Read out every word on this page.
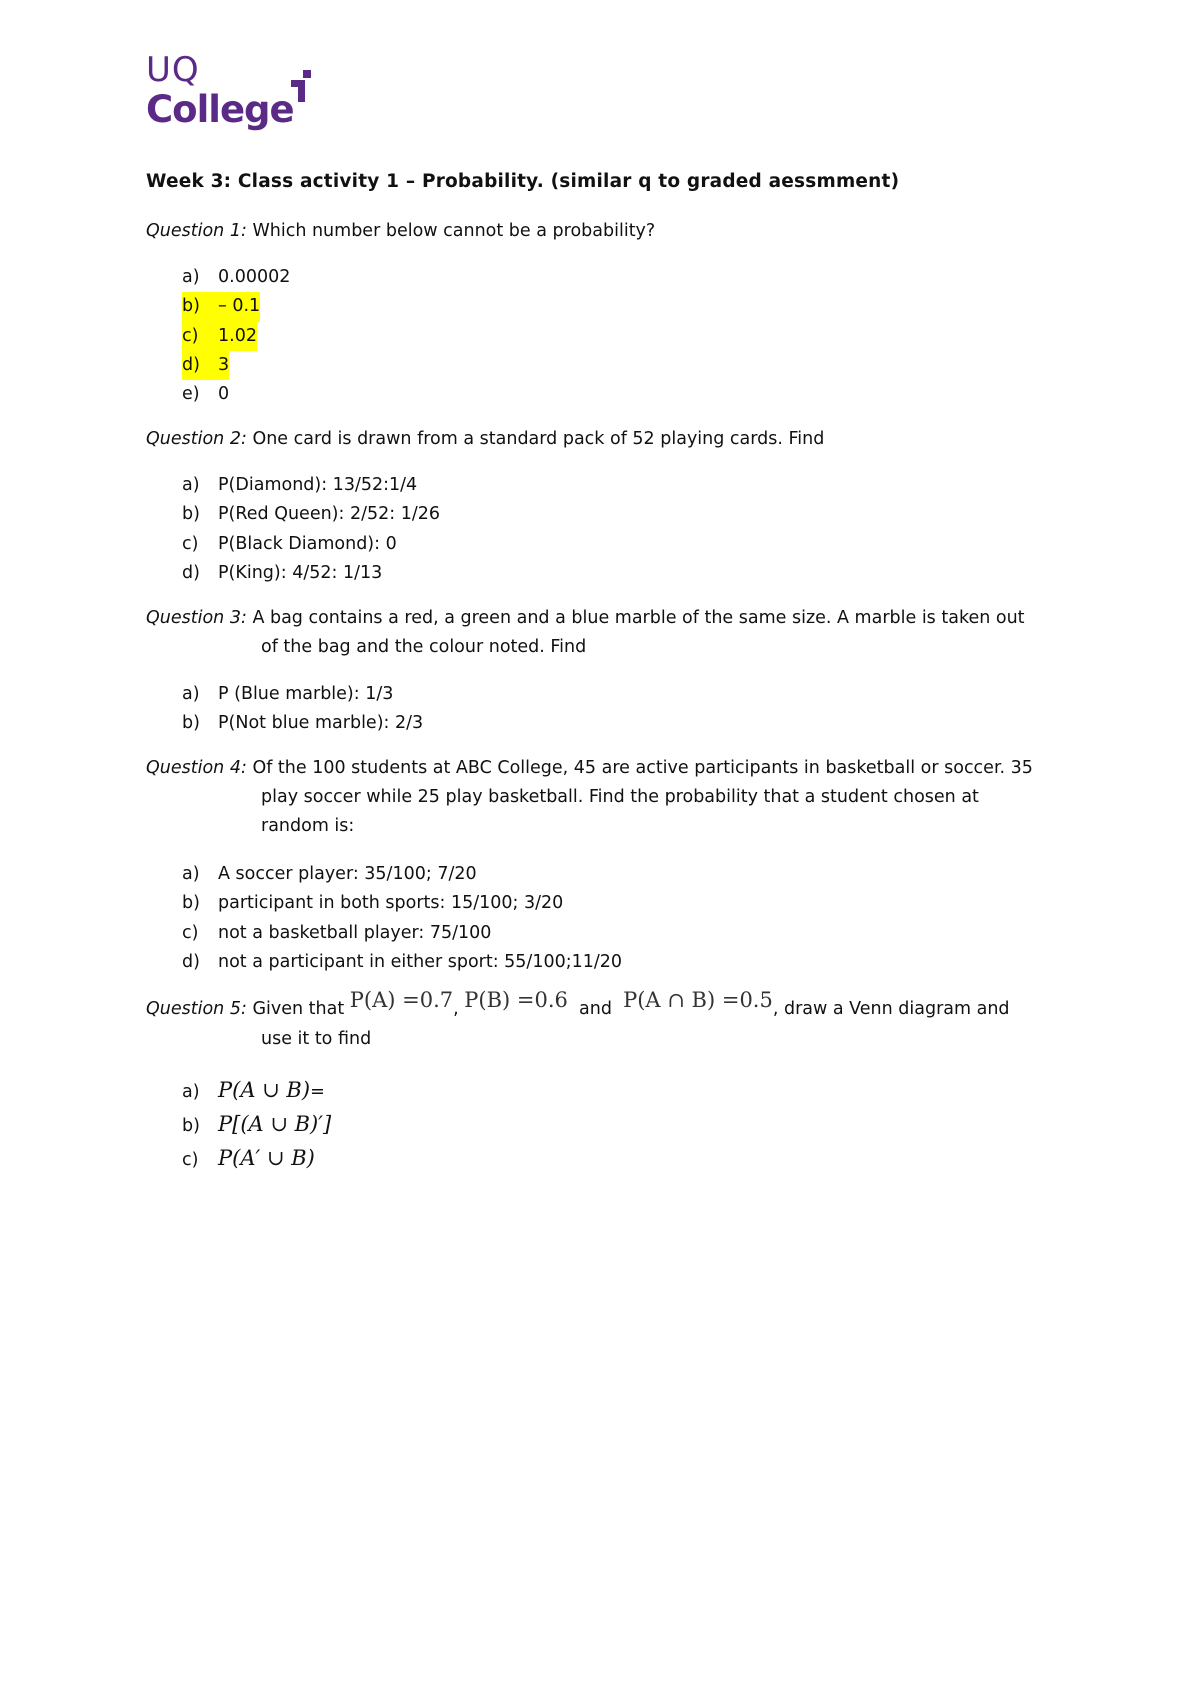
UQ
College
Week 3: Class activity 1 – Probability. (similar q to graded aessmment)
Question 1: Which number below cannot be a probability?
a) 0.00002
b) – 0.1
c) 1.02
d) 3
e) 0
Question 2: One card is drawn from a standard pack of 52 playing cards. Find
a) P(Diamond): 13/52:1/4
b) P(Red Queen): 2/52: 1/26
c) P(Black Diamond): 0
d) P(King): 4/52: 1/13
Question 3: A bag contains a red, a green and a blue marble of the same size. A marble is taken out
of the bag and the colour noted. Find
a) P (Blue marble): 1/3
b) P(Not blue marble): 2/3
Question 4: Of the 100 students at ABC College, 45 are active participants in basketball or soccer. 35
play soccer while 25 play basketball. Find the probability that a student chosen at
random is:
a) A soccer player: 35/100; 7/20
b) participant in both sports: 15/100; 3/20
c) not a basketball player: 75/100
d) not a participant in either sport: 55/100;11/20
Question 5: Given that P(A) =0.7, P(B) =0.6 and P(A ∩ B) =0.5, draw a Venn diagram and
use it to find
a) P(A ∪ B)=
b) P[(A ∪ B)′]
c) P(A′ ∪ B)
